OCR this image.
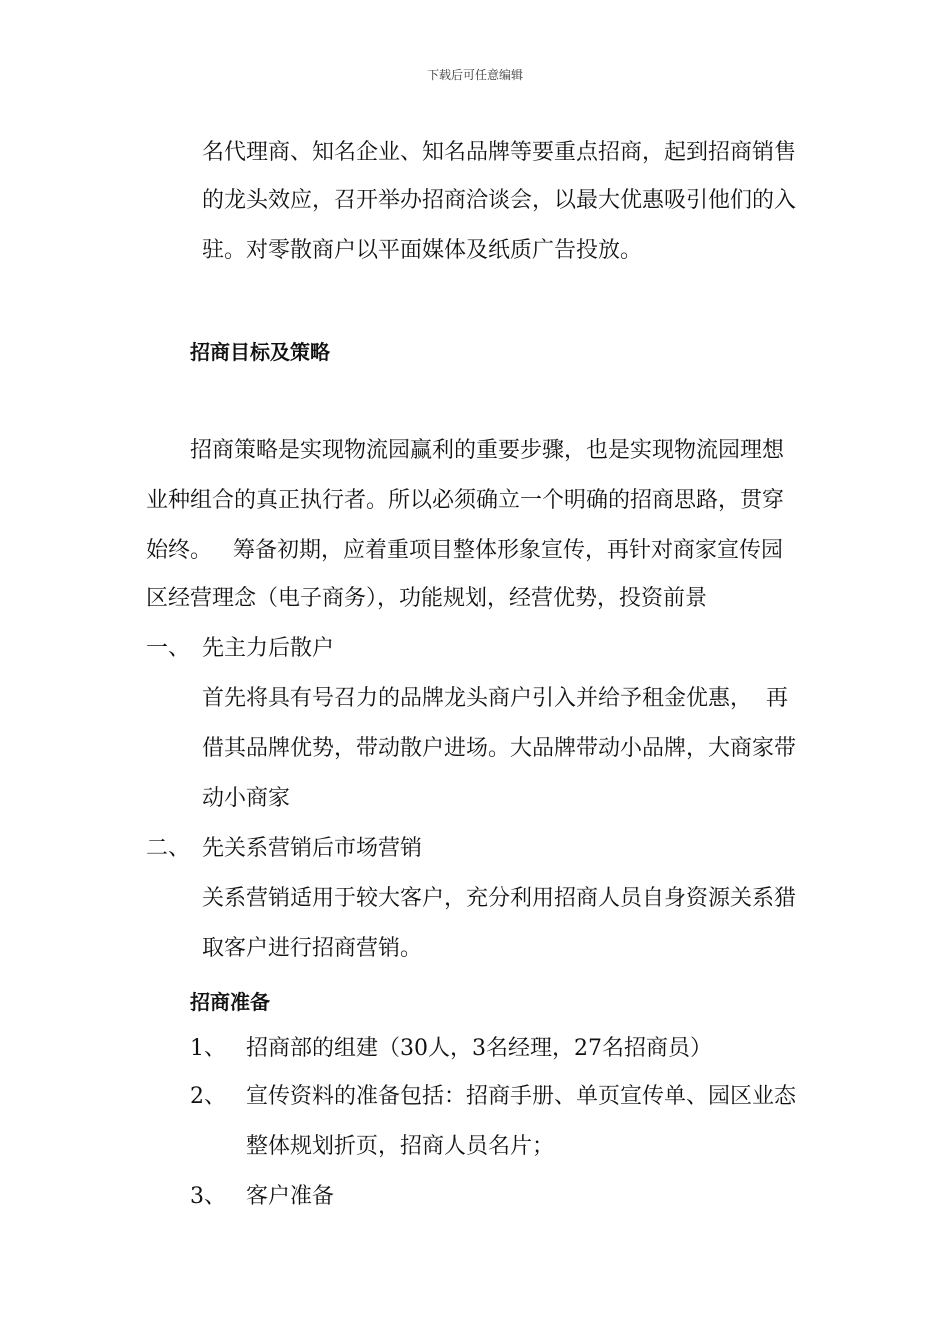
下载后可任意编辑
名代理商、知名企业、知名品牌等要重点招商，起到招商销售
的龙头效应，召开举办招商洽谈会，以最大优惠吸引他们的入
驻。对零散商户以平面媒体及纸质广告投放。
招商目标及策略
招商策略是实现物流园赢利的重要步骤，也是实现物流园理想
业种组合的真正执行者。所以必须确立一个明确的招商思路，贯穿
始终。   筹备初期，应着重项目整体形象宣传，再针对商家宣传园
区经营理念（电子商务），功能规划，经营优势，投资前景
一、 先主力后散户
首先将具有号召力的品牌龙头商户引入并给予租金优惠，  再
借其品牌优势，带动散户进场。大品牌带动小品牌，大商家带
动小商家
二、 先关系营销后市场营销
关系营销适用于较大客户，充分利用招商人员自身资源关系猎
取客户进行招商营销。
招商准备
1、 招商部的组建（30人，3名经理，27名招商员）
2、 宣传资料的准备包括：招商手册、单页宣传单、园区业态
整体规划折页，招商人员名片；
3、 客户准备
